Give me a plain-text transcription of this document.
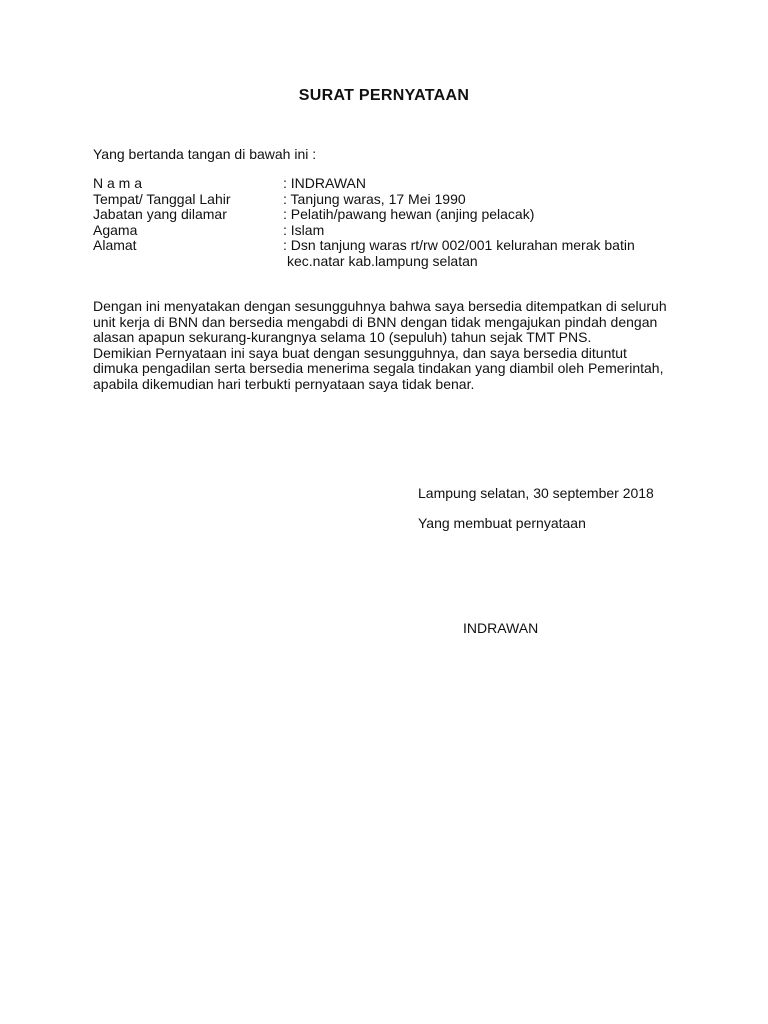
SURAT PERNYATAAN
Yang bertanda tangan di bawah ini :
N a m a	: INDRAWAN
Tempat/ Tanggal Lahir	: Tanjung waras, 17 Mei 1990
Jabatan yang dilamar	: Pelatih/pawang hewan (anjing pelacak)
Agama	: Islam
Alamat	: Dsn tanjung waras rt/rw 002/001 kelurahan merak batin
kec.natar kab.lampung selatan

Dengan ini menyatakan dengan sesungguhnya bahwa saya bersedia ditempatkan di seluruh

unit kerja di BNN dan bersedia mengabdi di BNN dengan tidak mengajukan pindah dengan

alasan apapun sekurang-kurangnya selama 10 (sepuluh) tahun sejak TMT PNS.

Demikian Pernyataan ini saya buat dengan sesungguhnya, dan saya bersedia dituntut

dimuka pengadilan serta bersedia menerima segala tindakan yang diambil oleh Pemerintah,

apabila dikemudian hari terbukti pernyataan saya tidak benar.

Lampung selatan, 30 september 2018
Yang membuat pernyataan
INDRAWAN
